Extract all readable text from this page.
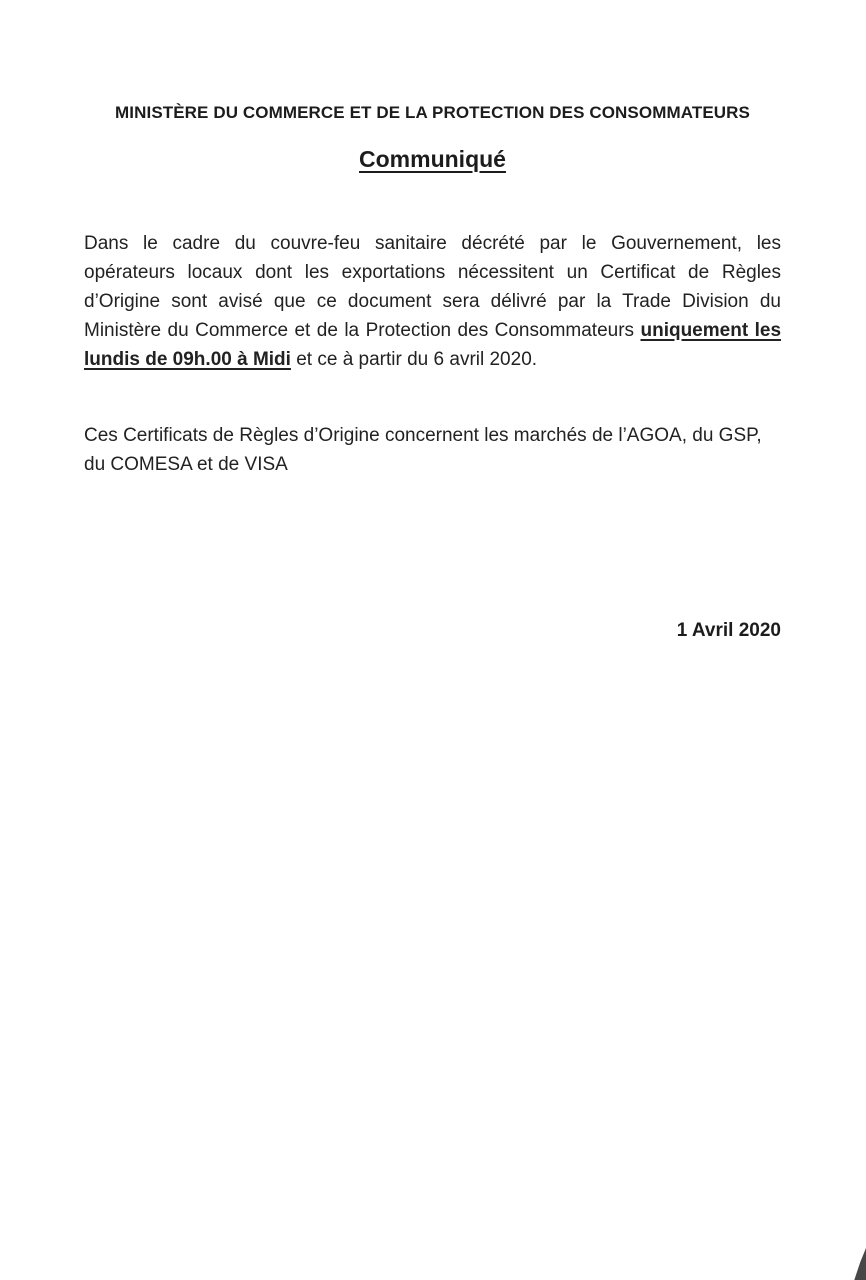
MINISTÈRE DU COMMERCE ET DE LA PROTECTION DES CONSOMMATEURS
Communiqué

Dans le cadre du couvre-feu sanitaire décrété par le Gouvernement, les opérateurs locaux dont les exportations nécessitent un Certificat de Règles d’Origine sont avisé que ce document sera délivré par la Trade Division du Ministère du Commerce et de la Protection des Consommateurs uniquement les lundis de 09h.00 à Midi et ce à partir du 6 avril 2020.

Ces Certificats de Règles d’Origine concernent les marchés de l’AGOA, du GSP, du COMESA et de VISA

1 Avril 2020
